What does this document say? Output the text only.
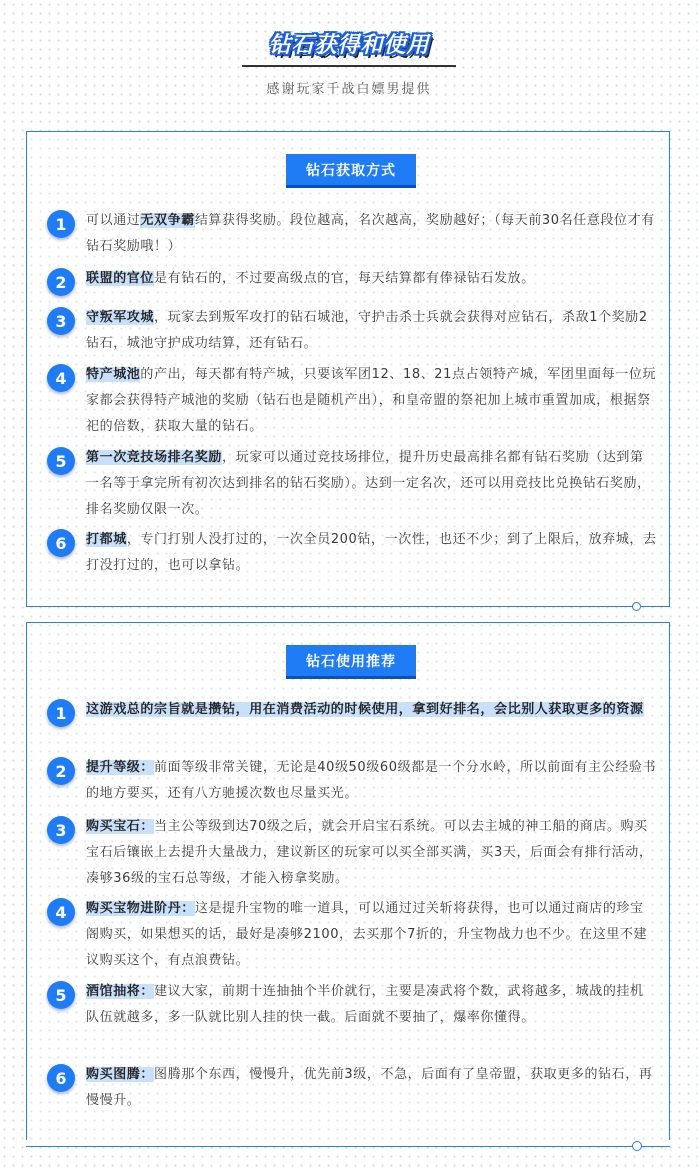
钻石获得和使用
感谢玩家千战白嫖男提供
钻石获取方式
1	可以通过无双争霸结算获得奖励。段位越高，名次越高，奖励越好；（每天前30名任意段位才有钻石奖励哦！）
2	联盟的官位是有钻石的，不过要高级点的官，每天结算都有俸禄钻石发放。
3	守叛军攻城，玩家去到叛军攻打的钻石城池，守护击杀士兵就会获得对应钻石，杀敌1个奖励2钻石，城池守护成功结算，还有钻石。
4	特产城池的产出，每天都有特产城，只要该军团12、18、21点占领特产城，军团里面每一位玩家都会获得特产城池的奖励（钻石也是随机产出），和皇帝盟的祭祀加上城市重置加成，根据祭祀的倍数，获取大量的钻石。
5	第一次竞技场排名奖励，玩家可以通过竞技场排位，提升历史最高排名都有钻石奖励（达到第一名等于拿完所有初次达到排名的钻石奖励）。达到一定名次，还可以用竞技比兑换钻石奖励，排名奖励仅限一次。
6	打都城，专门打别人没打过的，一次全员200钻，一次性，也还不少；到了上限后，放弃城，去打没打过的，也可以拿钻。
钻石使用推荐
1	这游戏总的宗旨就是攒钻，用在消费活动的时候使用，拿到好排名，会比别人获取更多的资源
2	提升等级：前面等级非常关键，无论是40级50级60级都是一个分水岭，所以前面有主公经验书的地方要买，还有八方驰援次数也尽量买光。
3	购买宝石：当主公等级到达70级之后，就会开启宝石系统。可以去主城的神工船的商店。购买宝石后镶嵌上去提升大量战力，建议新区的玩家可以买全部买满，买3天，后面会有排行活动，凑够36级的宝石总等级，才能入榜拿奖励。
4	购买宝物进阶丹：这是提升宝物的唯一道具，可以通过过关斩将获得，也可以通过商店的珍宝阁购买，如果想买的话，最好是凑够2100，去买那个7折的，升宝物战力也不少。在这里不建议购买这个，有点浪费钻。
5	酒馆抽将：建议大家，前期十连抽抽个半价就行，主要是凑武将个数，武将越多，城战的挂机队伍就越多，多一队就比别人挂的快一截。后面就不要抽了，爆率你懂得。
6	购买图腾：图腾那个东西，慢慢升，优先前3级，不急，后面有了皇帝盟，获取更多的钻石，再慢慢升。
